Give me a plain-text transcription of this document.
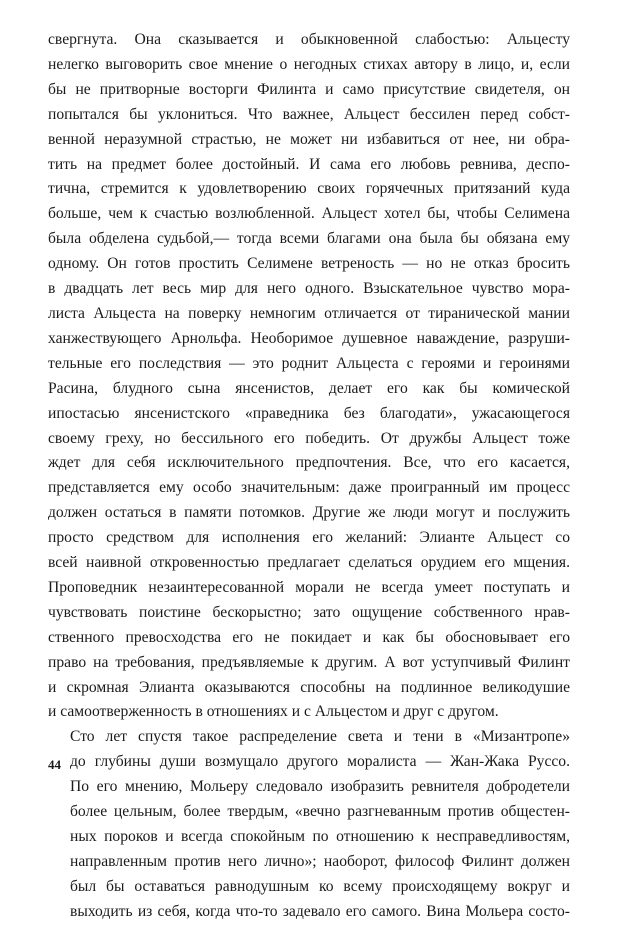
свергнута. Она сказывается и обыкновенной слабостью: Альцесту
нелегко выговорить свое мнение о негодных стихах автору в лицо, и, если
бы не притворные восторги Филинта и само присутствие свидетеля, он
попытался бы уклониться. Что важнее, Альцест бессилен перед собст-
венной неразумной страстью, не может ни избавиться от нее, ни обра-
тить на предмет более достойный. И сама его любовь ревнива, деспо-
тична, стремится к удовлетворению своих горячечных притязаний куда
больше, чем к счастью возлюбленной. Альцест хотел бы, чтобы Селимена
была обделена судьбой,— тогда всеми благами она была бы обязана ему
одному. Он готов простить Селимене ветреность — но не отказ бросить
в двадцать лет весь мир для него одного. Взыскательное чувство мора-
листа Альцеста на поверку немногим отличается от тиранической мании
ханжествующего Арнольфа. Необоримое душевное наваждение, разруши-
тельные его последствия — это роднит Альцеста с героями и героинями
Расина, блудного сына янсенистов, делает его как бы комической
ипостасью янсенистского «праведника без благодати», ужасающегося
своему греху, но бессильного его победить. От дружбы Альцест тоже
ждет для себя исключительного предпочтения. Все, что его касается,
представляется ему особо значительным: даже проигранный им процесс
должен остаться в памяти потомков. Другие же люди могут и послужить
просто средством для исполнения его желаний: Элианте Альцест со
всей наивной откровенностью предлагает сделаться орудием его мщения.
Проповедник незаинтересованной морали не всегда умеет поступать и
чувствовать поистине бескорыстно; зато ощущение собственного нрав-
ственного превосходства его не покидает и как бы обосновывает его
право на требования, предъявляемые к другим. А вот уступчивый Филинт
и скромная Элианта оказываются способны на подлинное великодушие
и самоотверженность в отношениях и с Альцестом и друг с другом.

Сто лет спустя такое распределение света и тени в «Мизантропе»
до глубины души возмущало другого моралиста — Жан-Жака Руссо.
По его мнению, Мольеру следовало изобразить ревнителя добродетели
более цельным, более твердым, «вечно разгневанным против общестен-
ных пороков и всегда спокойным по отношению к несправедливостям,
направленным против него лично»; наоборот, философ Филинт должен
был бы оставаться равнодушным ко всему происходящему вокруг и
выходить из себя, когда что-то задевало его самого. Вина Мольера состо-

44
